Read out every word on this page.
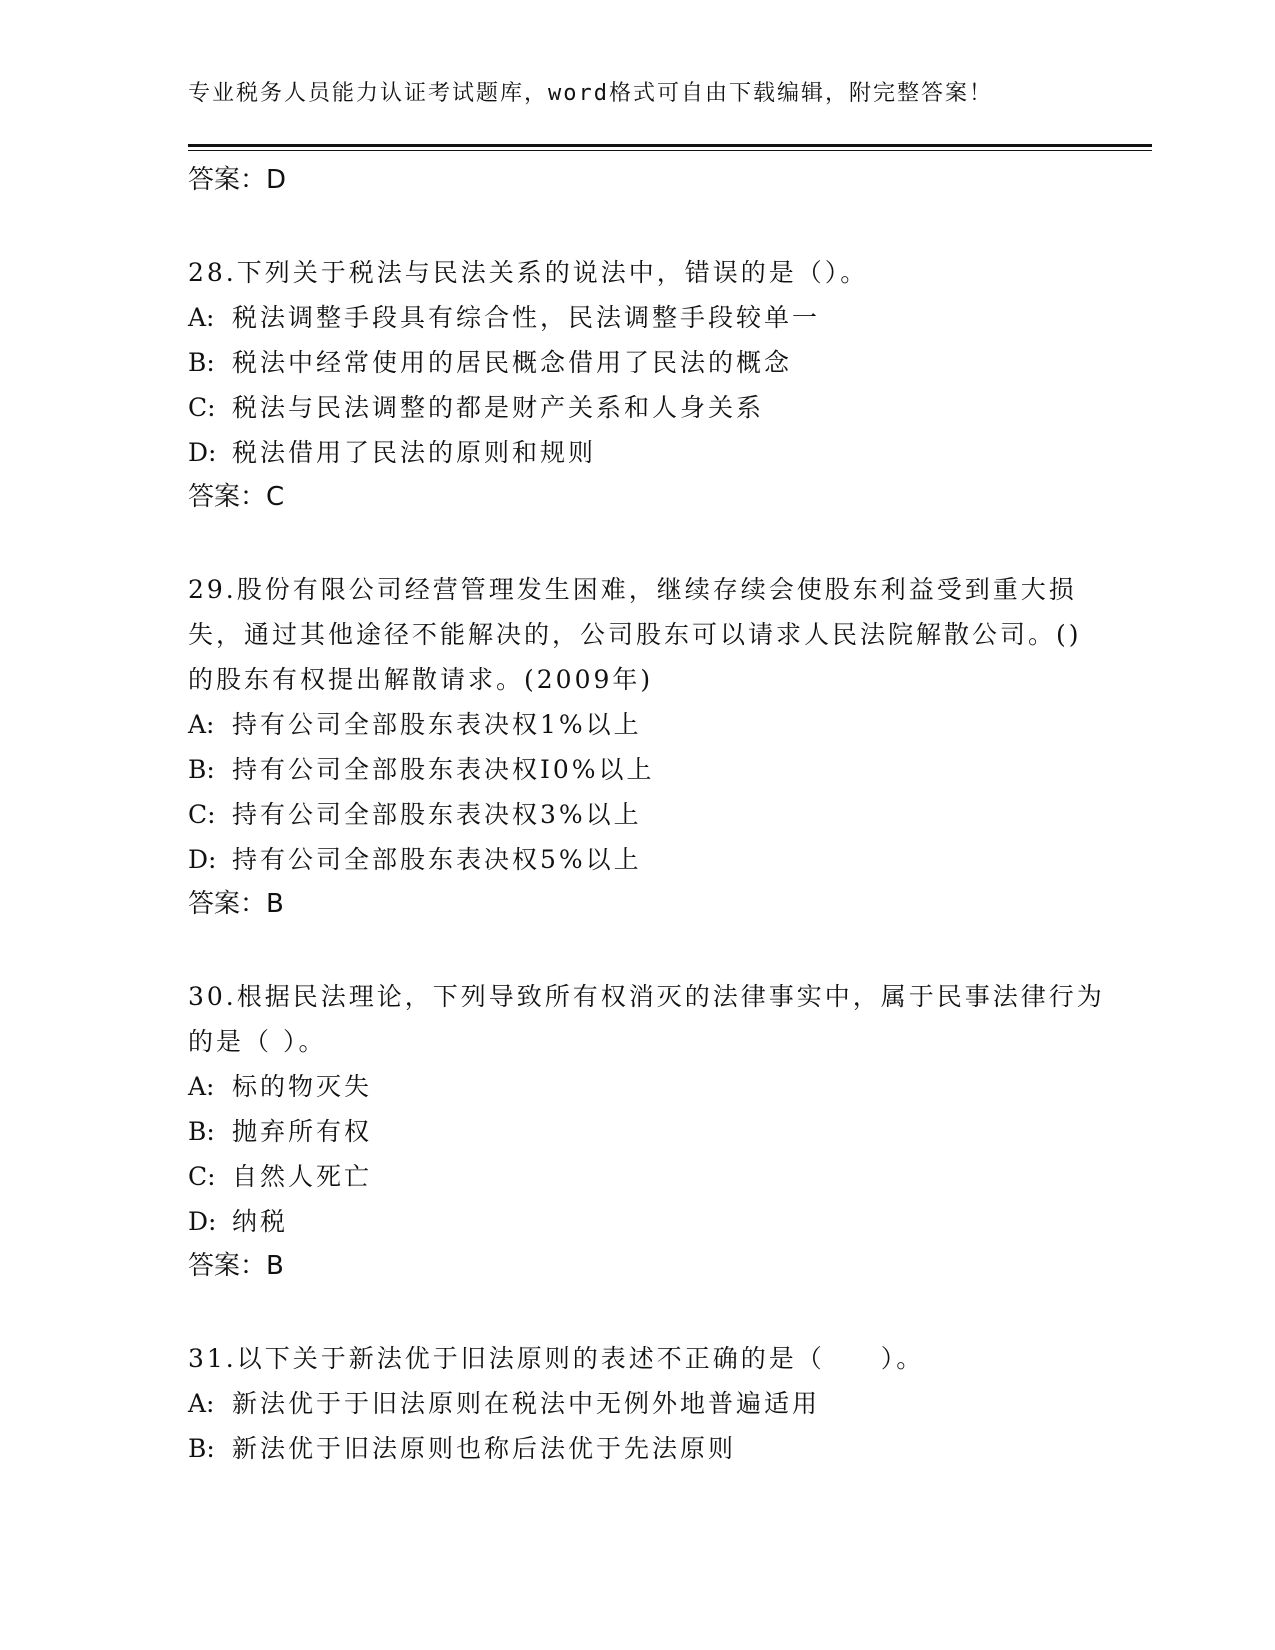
专业税务人员能力认证考试题库，word格式可自由下载编辑，附完整答案！
答案：D
28.下列关于税法与民法关系的说法中，错误的是（）。
A: 税法调整手段具有综合性，民法调整手段较单一
B: 税法中经常使用的居民概念借用了民法的概念
C: 税法与民法调整的都是财产关系和人身关系
D: 税法借用了民法的原则和规则
答案：C
29.股份有限公司经营管理发生困难，继续存续会使股东利益受到重大损失，通过其他途径不能解决的，公司股东可以请求人民法院解散公司。()的股东有权提出解散请求。(2009年)
A: 持有公司全部股东表决权1%以上
B: 持有公司全部股东表决权I0%以上
C: 持有公司全部股东表决权3%以上
D: 持有公司全部股东表决权5%以上
答案：B
30.根据民法理论，下列导致所有权消灭的法律事实中，属于民事法律行为的是（ ）。
A: 标的物灭失
B: 抛弃所有权
C: 自然人死亡
D: 纳税
答案：B
31.以下关于新法优于旧法原则的表述不正确的是（　　）。
A: 新法优于于旧法原则在税法中无例外地普遍适用
B: 新法优于旧法原则也称后法优于先法原则
